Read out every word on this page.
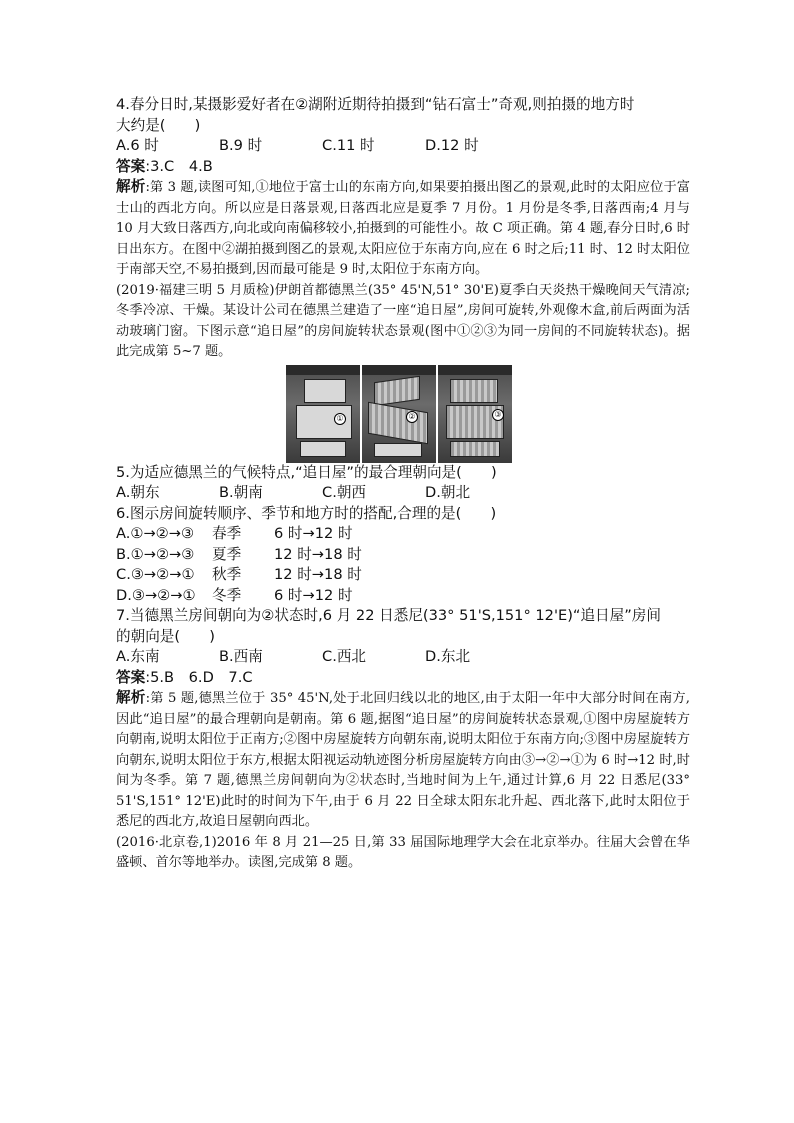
4.春分日时,某摄影爱好者在②湖附近期待拍摄到“钻石富士”奇观,则拍摄的地方时
大约是(　　)

A.6 时	B.9 时	C.11 时	D.12 时
答案:3.C　4.B

解析:第 3 题,读图可知,①地位于富士山的东南方向,如果要拍摄出图乙的景观,此时的太阳应位于富士山的西北方向。所以应是日落景观,日落西北应是夏季 7 月份。1 月份是冬季,日落西南;4 月与 10 月大致日落西方,向北或向南偏移较小,拍摄到的可能性小。故 C 项正确。第 4 题,春分日时,6 时日出东方。在图中②湖拍摄到图乙的景观,太阳应位于东南方向,应在 6 时之后;11 时、12 时太阳位于南部天空,不易拍摄到,因而最可能是 9 时,太阳位于东南方向。

(2019·福建三明 5 月质检)伊朗首都德黑兰(35° 45'N,51° 30'E)夏季白天炎热干燥晚间天气清凉;冬季冷凉、干燥。某设计公司在德黑兰建造了一座“追日屋”,房间可旋转,外观像木盒,前后两面为活动玻璃门窗。下图示意“追日屋”的房间旋转状态景观(图中①②③为同一房间的不同旋转状态)。据此完成第 5~7 题。

①	②	③

5.为适应德黑兰的气候特点,“追日屋”的最合理朝向是(　　)

A.朝东	B.朝南	C.朝西	D.朝北

6.图示房间旋转顺序、季节和地方时的搭配,合理的是(　　)

A.①→②→③	春季	6 时→12 时
B.①→②→③	夏季	12 时→18 时
C.③→②→①	秋季	12 时→18 时
D.③→②→①	冬季	6 时→12 时

7.当德黑兰房间朝向为②状态时,6 月 22 日悉尼(33° 51'S,151° 12'E)“追日屋”房间
的朝向是(　　)

A.东南	B.西南	C.西北	D.东北
答案:5.B　6.D　7.C

解析:第 5 题,德黑兰位于 35° 45'N,处于北回归线以北的地区,由于太阳一年中大部分时间在南方,因此“追日屋”的最合理朝向是朝南。第 6 题,据图“追日屋”的房间旋转状态景观,①图中房屋旋转方向朝南,说明太阳位于正南方;②图中房屋旋转方向朝东南,说明太阳位于东南方向;③图中房屋旋转方向朝东,说明太阳位于东方,根据太阳视运动轨迹图分析房屋旋转方向由③→②→①为 6 时→12 时,时间为冬季。第 7 题,德黑兰房间朝向为②状态时,当地时间为上午,通过计算,6 月 22 日悉尼(33° 51'S,151° 12'E)此时的时间为下午,由于 6 月 22 日全球太阳东北升起、西北落下,此时太阳位于悉尼的西北方,故追日屋朝向西北。

(2016·北京卷,1)2016 年 8 月 21—25 日,第 33 届国际地理学大会在北京举办。往届大会曾在华盛顿、首尔等地举办。读图,完成第 8 题。
